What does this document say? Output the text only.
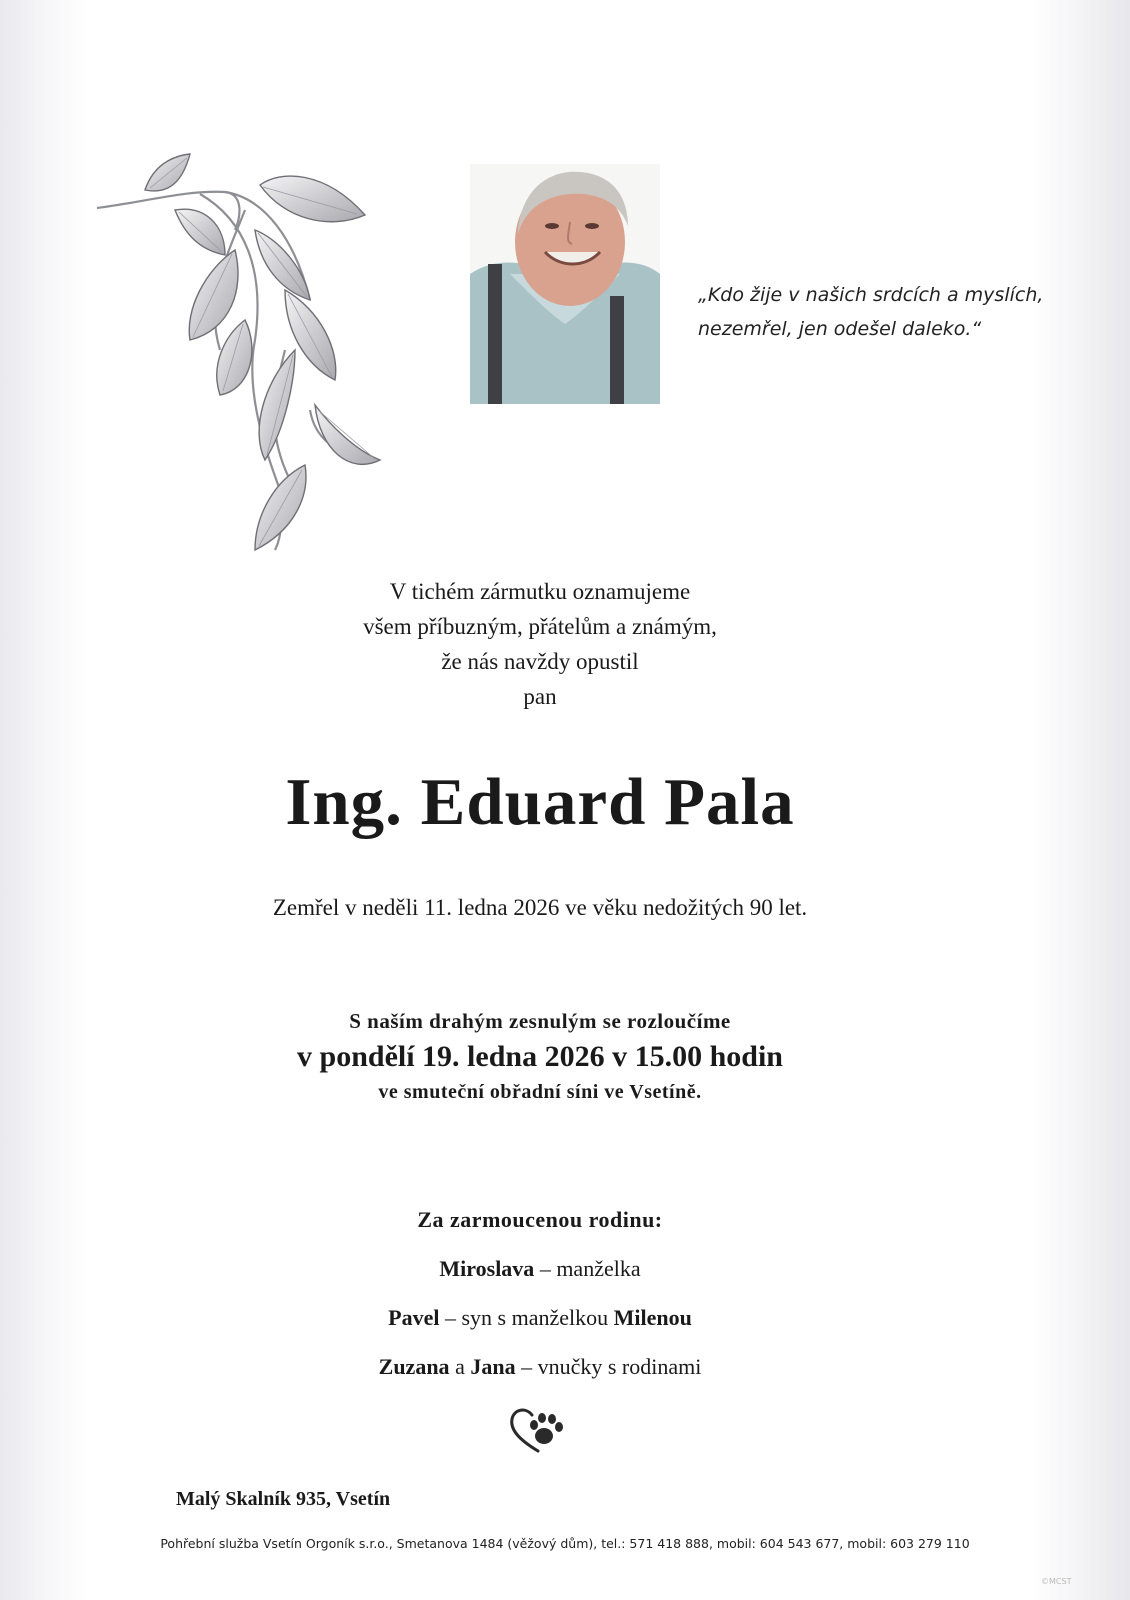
„Kdo žije v našich srdcích a myslích,
nezemřel, jen odešel daleko.“
V tichém zármutku oznamujeme
všem příbuzným, přátelům a známým,
že nás navždy opustil
pan
Ing. Eduard Pala
Zemřel v neděli 11. ledna 2026 ve věku nedožitých 90 let.
S naším drahým zesnulým se rozloučíme
v pondělí 19. ledna 2026 v 15.00 hodin
ve smuteční obřadní síni ve Vsetíně.
Za zarmoucenou rodinu:
Miroslava – manželka
Pavel – syn s manželkou Milenou
Zuzana a Jana – vnučky s rodinami
Malý Skalník 935, Vsetín
Pohřební služba Vsetín Orgoník s.r.o., Smetanova 1484 (věžový dům), tel.: 571 418 888, mobil: 604 543 677, mobil: 603 279 110
©MCST
